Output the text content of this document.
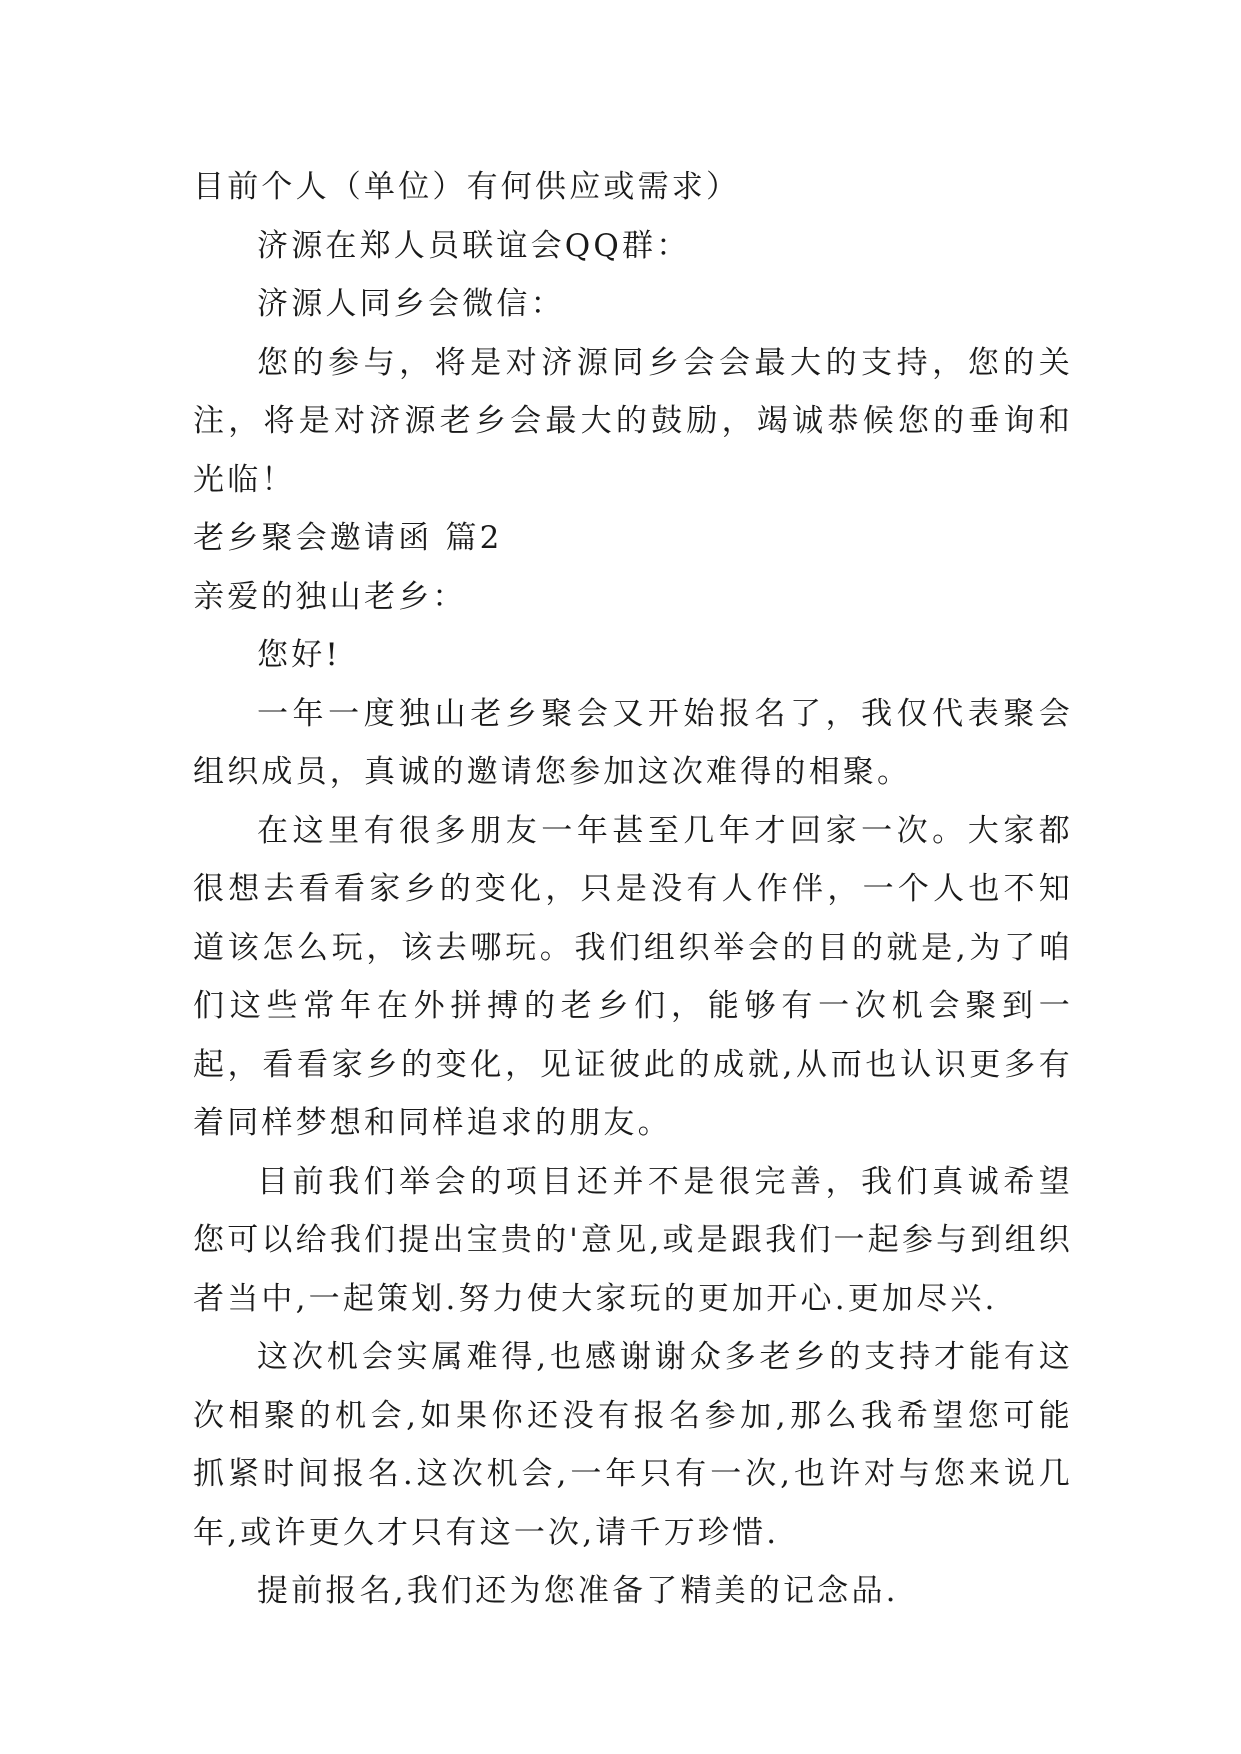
目前个人（单位）有何供应或需求）

济源在郑人员联谊会QQ群：

济源人同乡会微信：

您的参与，将是对济源同乡会会最大的支持，您的关注，将是对济源老乡会最大的鼓励，竭诚恭候您的垂询和光临！

老乡聚会邀请函 篇2

亲爱的独山老乡：

您好!

一年一度独山老乡聚会又开始报名了，我仅代表聚会组织成员，真诚的邀请您参加这次难得的相聚。

在这里有很多朋友一年甚至几年才回家一次。大家都很想去看看家乡的变化，只是没有人作伴，一个人也不知道该怎么玩，该去哪玩。我们组织举会的目的就是,为了咱们这些常年在外拼搏的老乡们，能够有一次机会聚到一起，看看家乡的变化，见证彼此的成就,从而也认识更多有着同样梦想和同样追求的朋友。

目前我们举会的项目还并不是很完善，我们真诚希望您可以给我们提出宝贵的'意见,或是跟我们一起参与到组织者当中,一起策划.努力使大家玩的更加开心.更加尽兴.

这次机会实属难得,也感谢谢众多老乡的支持才能有这次相聚的机会,如果你还没有报名参加,那么我希望您可能抓紧时间报名.这次机会,一年只有一次,也许对与您来说几年,或许更久才只有这一次,请千万珍惜.

提前报名,我们还为您准备了精美的记念品.
